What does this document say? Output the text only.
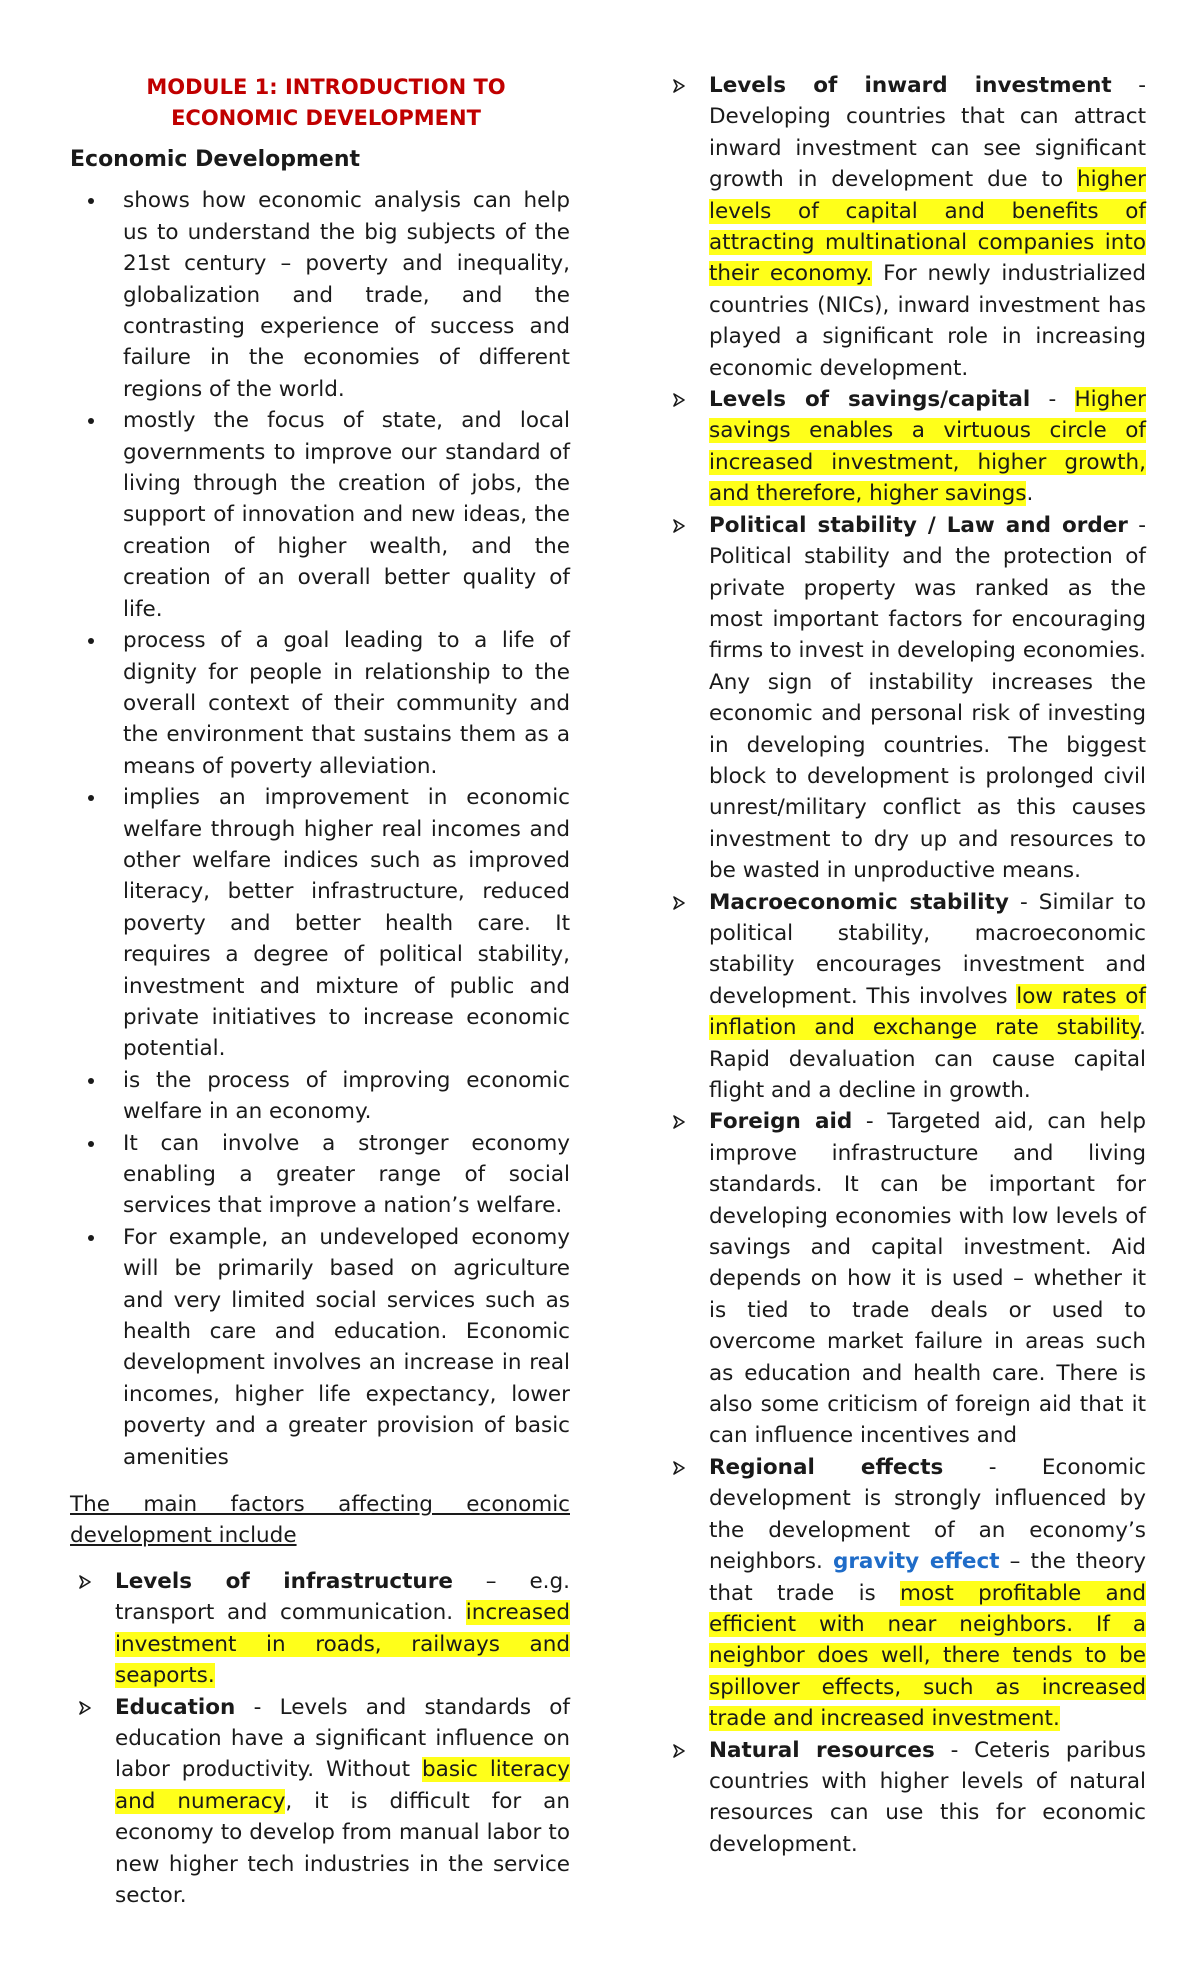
MODULE 1: INTRODUCTION TO ECONOMIC DEVELOPMENT
Economic Development
shows how economic analysis can help us to understand the big subjects of the 21st century – poverty and inequality, globalization and trade, and the contrasting experience of success and failure in the economies of different regions of the world.
mostly the focus of state, and local governments to improve our standard of living through the creation of jobs, the support of innovation and new ideas, the creation of higher wealth, and the creation of an overall better quality of life.
process of a goal leading to a life of dignity for people in relationship to the overall context of their community and the environment that sustains them as a means of poverty alleviation.
implies an improvement in economic welfare through higher real incomes and other welfare indices such as improved literacy, better infrastructure, reduced poverty and better health care. It requires a degree of political stability, investment and mixture of public and private initiatives to increase economic potential.
is the process of improving economic welfare in an economy.
It can involve a stronger economy enabling a greater range of social services that improve a nation’s welfare.
For example, an undeveloped economy will be primarily based on agriculture and very limited social services such as health care and education. Economic development involves an increase in real incomes, higher life expectancy, lower poverty and a greater provision of basic amenities
The main factors affecting economic development include
Levels of infrastructure – e.g. transport and communication. increased investment in roads, railways and seaports.
Education - Levels and standards of education have a significant influence on labor productivity. Without basic literacy and numeracy, it is difficult for an economy to develop from manual labor to new higher tech industries in the service sector.
Levels of inward investment - Developing countries that can attract inward investment can see significant growth in development due to higher levels of capital and benefits of attracting multinational companies into their economy. For newly industrialized countries (NICs), inward investment has played a significant role in increasing economic development.
Levels of savings/capital - Higher savings enables a virtuous circle of increased investment, higher growth, and therefore, higher savings.
Political stability / Law and order - Political stability and the protection of private property was ranked as the most important factors for encouraging firms to invest in developing economies. Any sign of instability increases the economic and personal risk of investing in developing countries. The biggest block to development is prolonged civil unrest/military conflict as this causes investment to dry up and resources to be wasted in unproductive means.
Macroeconomic stability - Similar to political stability, macroeconomic stability encourages investment and development. This involves low rates of inflation and exchange rate stability. Rapid devaluation can cause capital flight and a decline in growth.
Foreign aid - Targeted aid, can help improve infrastructure and living standards. It can be important for developing economies with low levels of savings and capital investment. Aid depends on how it is used – whether it is tied to trade deals or used to overcome market failure in areas such as education and health care. There is also some criticism of foreign aid that it can influence incentives and
Regional effects - Economic development is strongly influenced by the development of an economy’s neighbors. gravity effect – the theory that trade is most profitable and efficient with near neighbors. If a neighbor does well, there tends to be spillover effects, such as increased trade and increased investment.
Natural resources - Ceteris paribus countries with higher levels of natural resources can use this for economic development.
